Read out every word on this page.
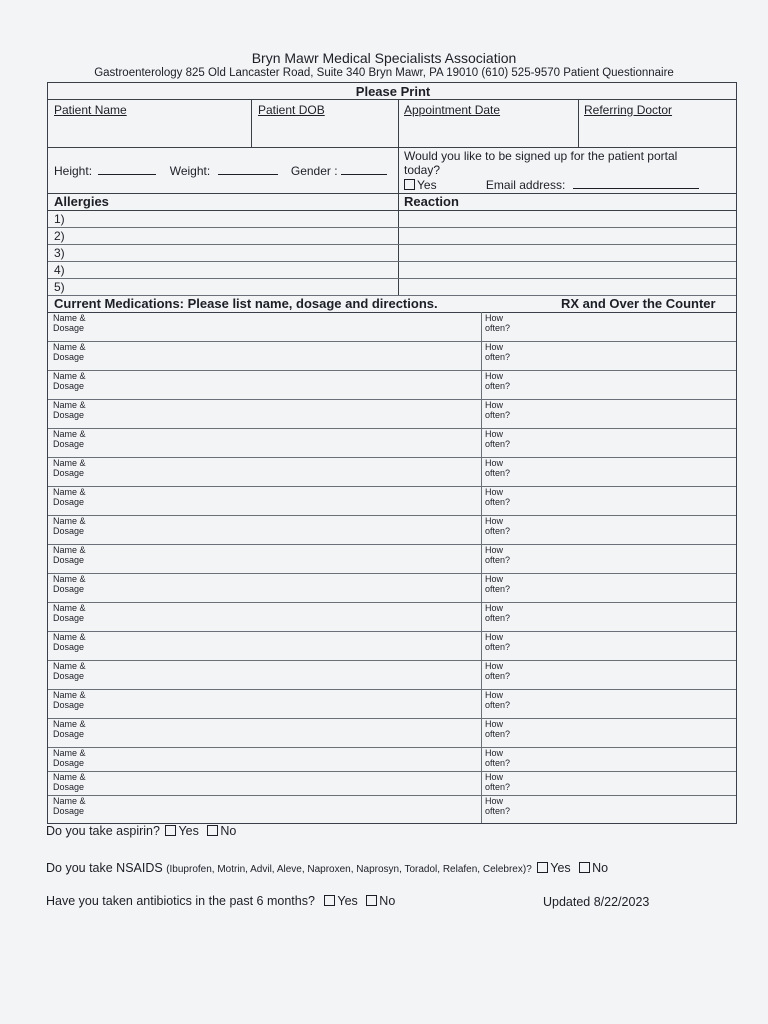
Bryn Mawr Medical Specialists Association
Gastroenterology 825 Old Lancaster Road, Suite 340 Bryn Mawr, PA 19010 (610) 525-9570 Patient Questionnaire
Please Print
Patient Name	Patient DOB	Appointment Date	Referring Doctor
Height:	Weight:	Gender :
Would you like to be signed up for the patient portal
today?
Yes	Email address:
Allergies	Reaction
1)
2)
3)
4)
5)
Current Medications: Please list name, dosage and directions.	RX and Over the Counter
Name &
Dosage
How
often?
Name &
Dosage
How
often?
Name &
Dosage
How
often?
Name &
Dosage
How
often?
Name &
Dosage
How
often?
Name &
Dosage
How
often?
Name &
Dosage
How
often?
Name &
Dosage
How
often?
Name &
Dosage
How
often?
Name &
Dosage
How
often?
Name &
Dosage
How
often?
Name &
Dosage
How
often?
Name &
Dosage
How
often?
Name &
Dosage
How
often?
Name &
Dosage
How
often?
Name &
Dosage
How
often?
Name &
Dosage
How
often?
Name &
Dosage
How
often?
Do you take aspirin? Yes No
Do you take NSAIDS (Ibuprofen, Motrin, Advil, Aleve, Naproxen, Naprosyn, Toradol, Relafen, Celebrex)? Yes No
Have you taken antibiotics in the past 6 months? Yes No	Updated 8/22/2023
